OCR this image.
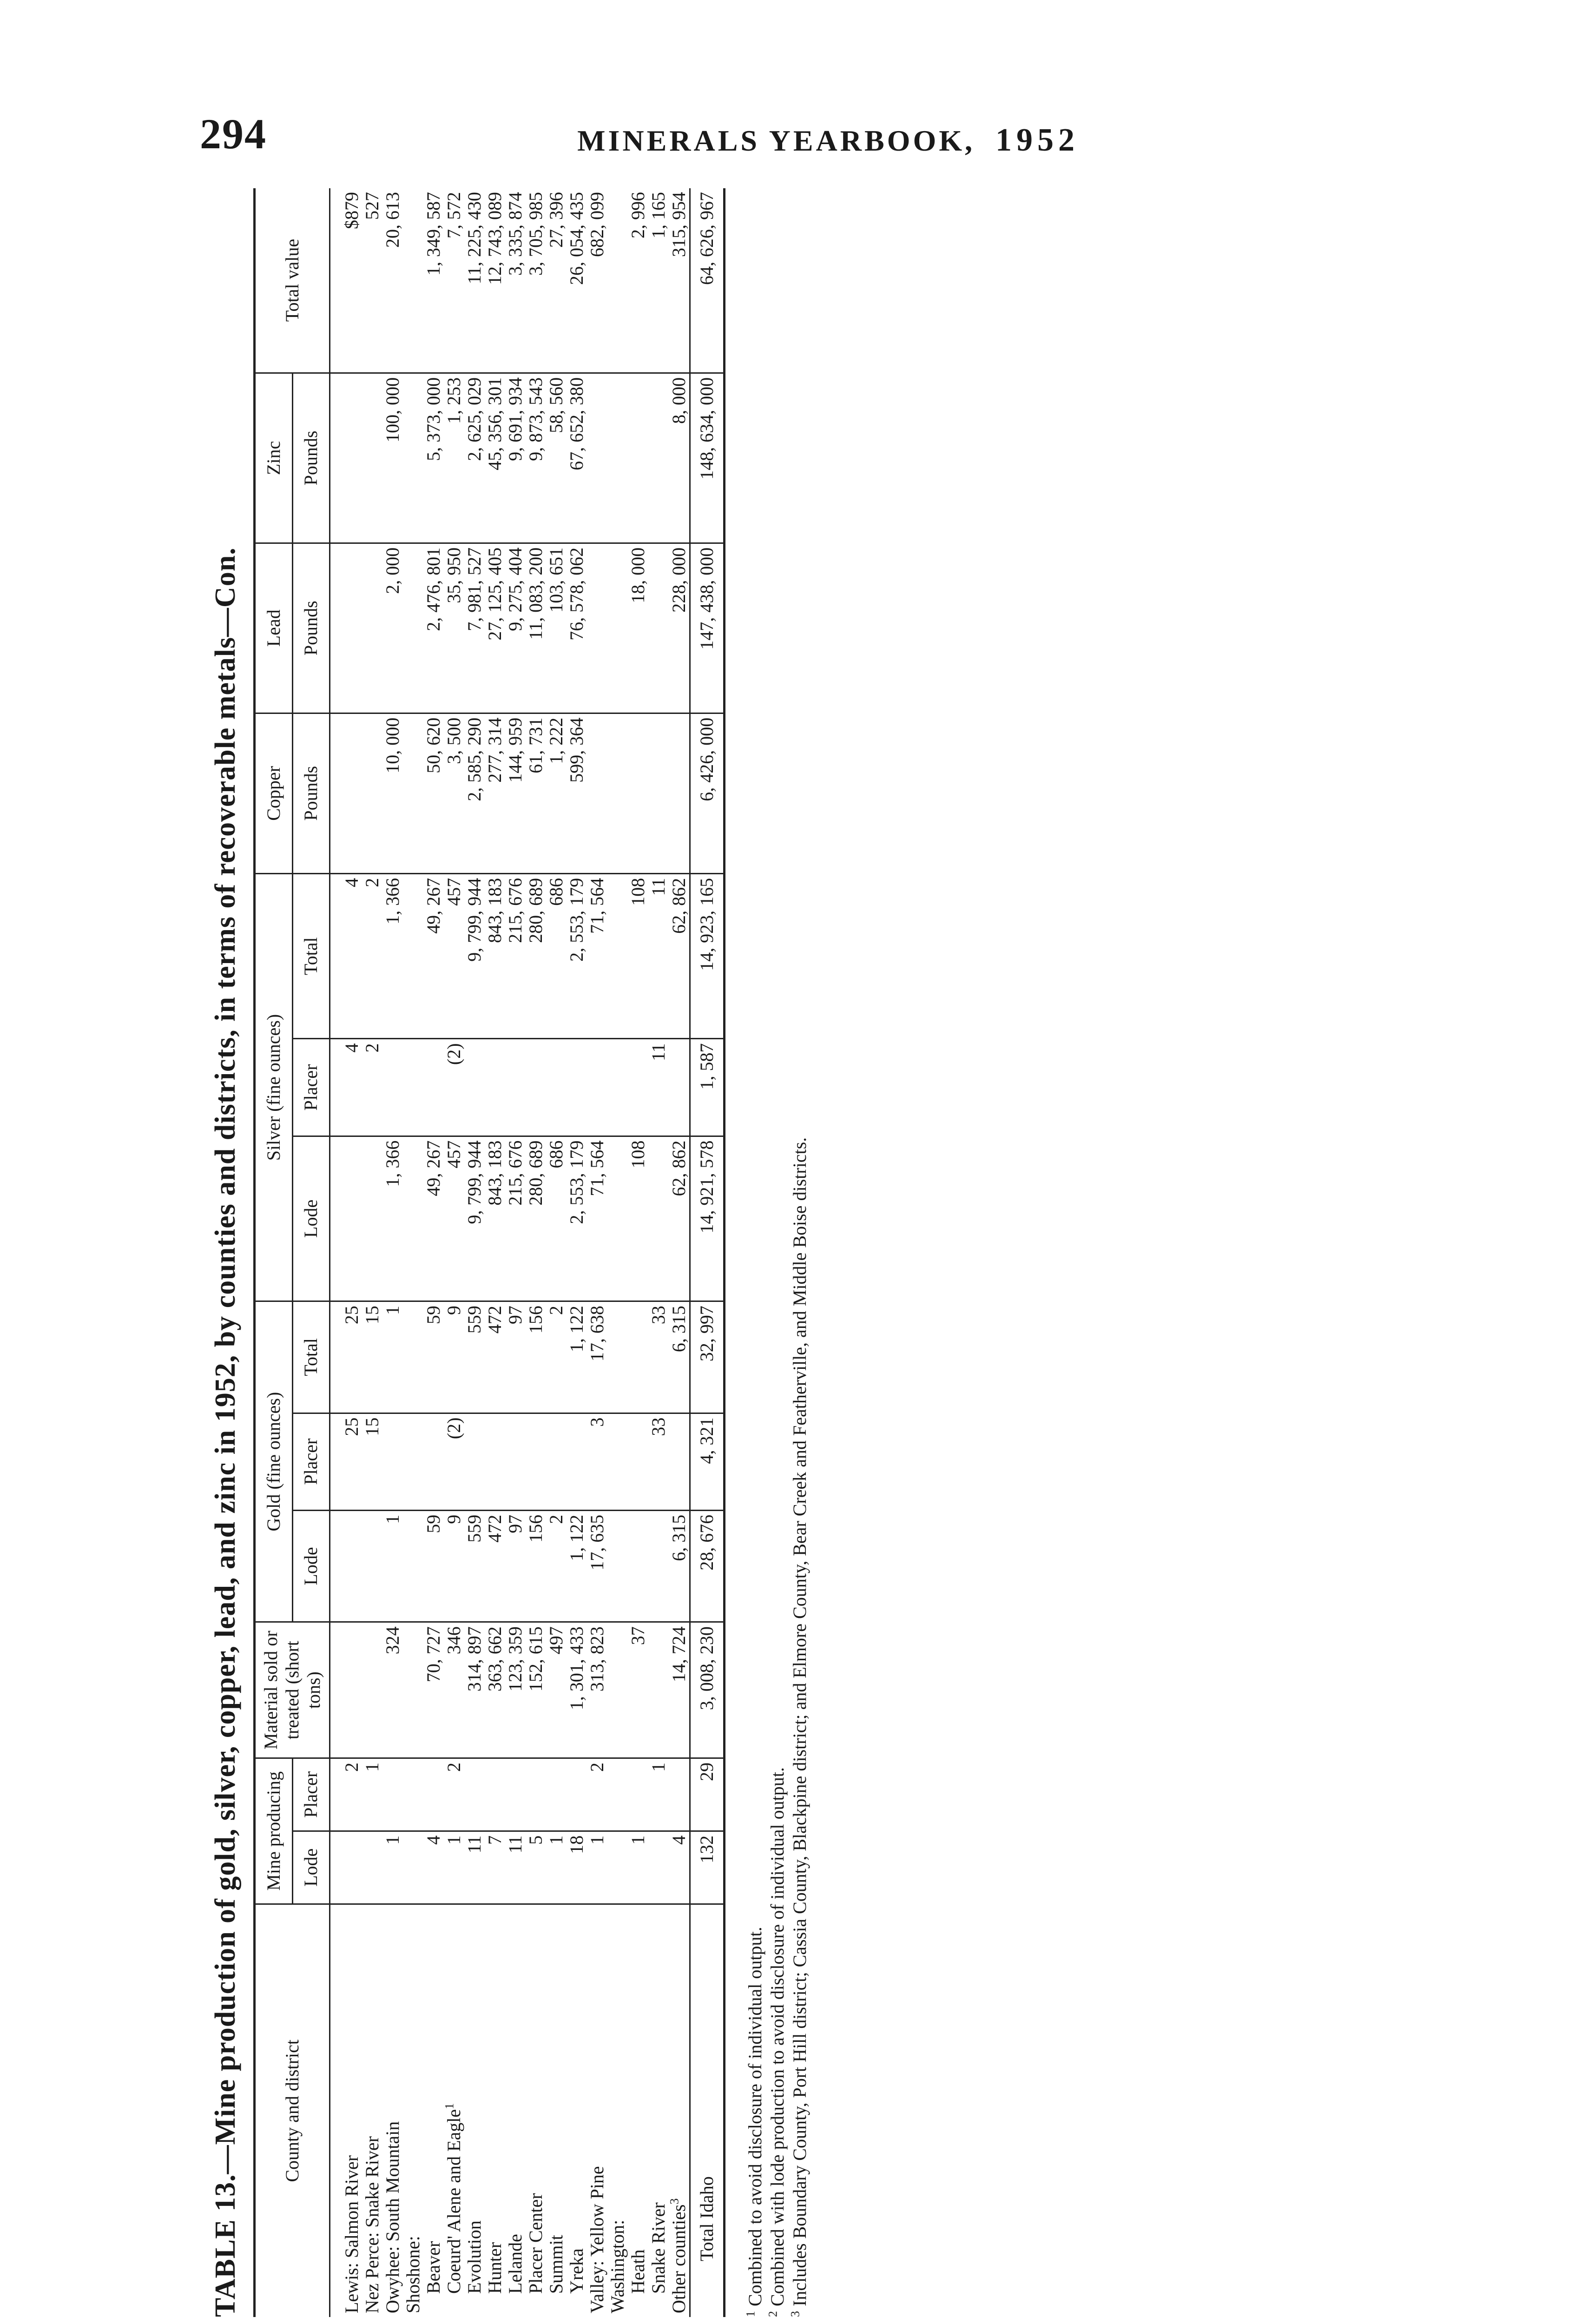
294	MINERALS YEARBOOK, 1952
TABLE 13.—Mine production of gold, silver, copper, lead, and zinc in 1952, by counties and districts, in terms of recoverable metals—Con.	County and district	Mine producing		Material sold or treated (short tons)	Gold (fine ounces)			Silver (fine ounces)			Copper	Lead	Zinc	Total value
	Lode	Placer		Lode	Placer	Total	Lode	Placer	Total	Pounds	Pounds	Pounds	

Lewis: Salmon River		2			25	25		4	4				$879
Nez Perce: Snake River		1			15	15		2	2				527
Owyhee: South Mountain	1		324	1		1	1, 366		1, 366	10, 000	2, 000	100, 000	20, 613
Shoshone:													
Beaver	4		70, 727	59		59	49, 267		49, 267	50, 620	2, 476, 801	5, 373, 000	1, 349, 587
Coeurd' Alene and Eagle$^1$	1	2	346	9	(2)	9	457	(2)	457	3, 500	35, 950	1, 253	7, 572
Evolution	11		314, 897	559		559	9, 799, 944		9, 799, 944	2, 585, 290	7, 981, 527	2, 625, 029	11, 225, 430
Hunter	7		363, 662	472		472	843, 183		843, 183	277, 314	27, 125, 405	45, 356, 301	12, 743, 089
Lelande	11		123, 359	97		97	215, 676		215, 676	144, 959	9, 275, 404	9, 691, 934	3, 335, 874
Placer Center	5		152, 615	156		156	280, 689		280, 689	61, 731	11, 083, 200	9, 873, 543	3, 705, 985
Summit	1		497	2		2	686		686	1, 222	103, 651	58, 560	27, 396
Yreka	18		1, 301, 433	1, 122		1, 122	2, 553, 179		2, 553, 179	599, 364	76, 578, 062	67, 652, 380	26, 054, 435
Valley: Yellow Pine	1	2	313, 823	17, 635	3	17, 638	71, 564		71, 564				682, 099
Washington:													
Heath	1		37				108		108		18, 000		2, 996
Snake River		1			33	33		11	11				1, 165
Other counties$^3$	4		14, 724	6, 315		6, 315	62, 862		62, 862		228, 000	8, 000	315, 954
Total Idaho	132	29	3, 008, 230	28, 676	4, 321	32, 997	14, 921, 578	1, 587	14, 923, 165	6, 426, 000	147, 438, 000	148, 634, 000	64, 626, 967
$^1$ Combined to avoid disclosure of individual output.
$^2$ Combined with lode production to avoid disclosure of individual output.
$^3$ Includes Boundary County, Port Hill district; Cassia County, Blackpine district; and Elmore County, Bear Creek and Featherville, and Middle Boise districts.
